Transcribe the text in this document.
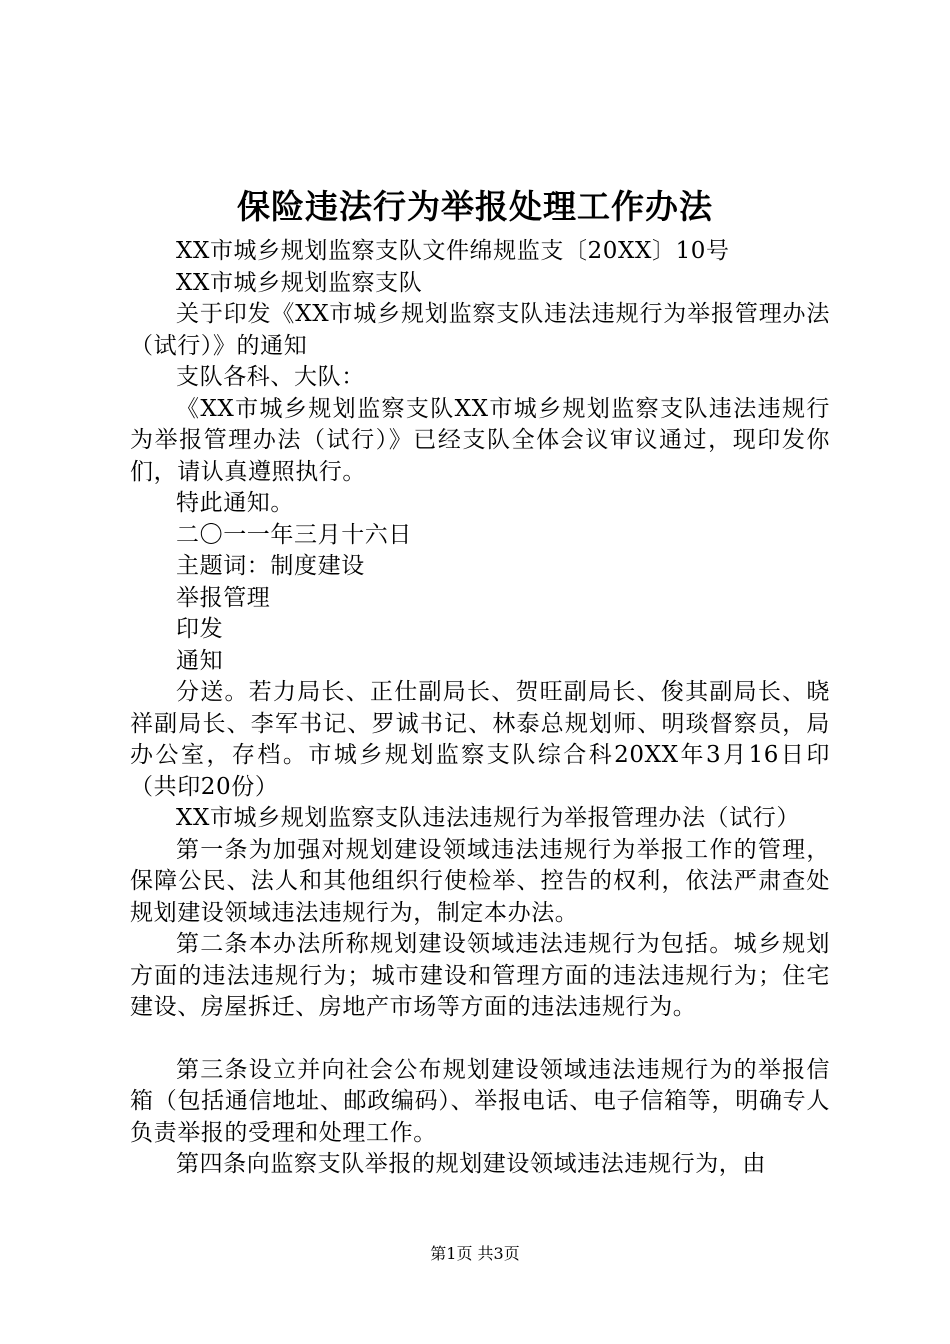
保险违法行为举报处理工作办法

XX市城乡规划监察支队文件绵规监支〔20XX〕10号

XX市城乡规划监察支队

关于印发《XX市城乡规划监察支队违法违规行为举报管理办法（试行）》的通知

支队各科、大队：

《XX市城乡规划监察支队XX市城乡规划监察支队违法违规行为举报管理办法（试行）》已经支队全体会议审议通过，现印发你们，请认真遵照执行。

特此通知。

二〇一一年三月十六日

主题词：制度建设

举报管理

印发

通知

分送。若力局长、正仕副局长、贺旺副局长、俊其副局长、晓祥副局长、李军书记、罗诚书记、林泰总规划师、明琰督察员，局办公室，存档。市城乡规划监察支队综合科20XX年3月16日印（共印20份）

XX市城乡规划监察支队违法违规行为举报管理办法（试行）

第一条为加强对规划建设领域违法违规行为举报工作的管理，保障公民、法人和其他组织行使检举、控告的权利，依法严肃查处规划建设领域违法违规行为，制定本办法。

第二条本办法所称规划建设领域违法违规行为包括。城乡规划方面的违法违规行为；城市建设和管理方面的违法违规行为；住宅建设、房屋拆迁、房地产市场等方面的违法违规行为。

第三条设立并向社会公布规划建设领域违法违规行为的举报信箱（包括通信地址、邮政编码）、举报电话、电子信箱等，明确专人负责举报的受理和处理工作。

第四条向监察支队举报的规划建设领域违法违规行为，由

第1页 共3页
